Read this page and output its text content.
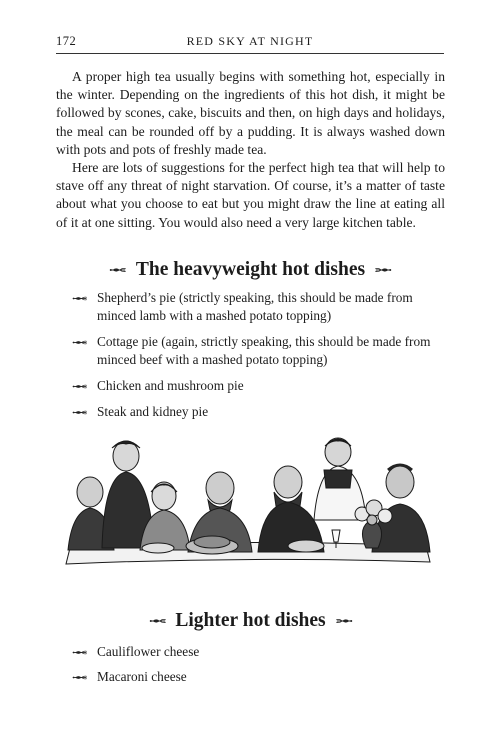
172	RED SKY AT NIGHT

A proper high tea usually begins with something hot, especially in the winter. Depending on the ingredients of this hot dish, it might be followed by scones, cake, biscuits and then, on high days and holidays, the meal can be rounded off by a pudding. It is always washed down with pots and pots of freshly made tea.

Here are lots of suggestions for the perfect high tea that will help to stave off any threat of night starvation. Of course, it’s a matter of taste about what you choose to eat but you might draw the line at eating all of it at one sitting. You would also need a very large kitchen table.

The heavyweight hot dishes
Shepherd’s pie (strictly speaking, this should be made from minced lamb with a mashed potato topping)
Cottage pie (again, strictly speaking, this should be made from minced beef with a mashed potato topping)
Chicken and mushroom pie
Steak and kidney pie
Lighter hot dishes
Cauliflower cheese
Macaroni cheese
